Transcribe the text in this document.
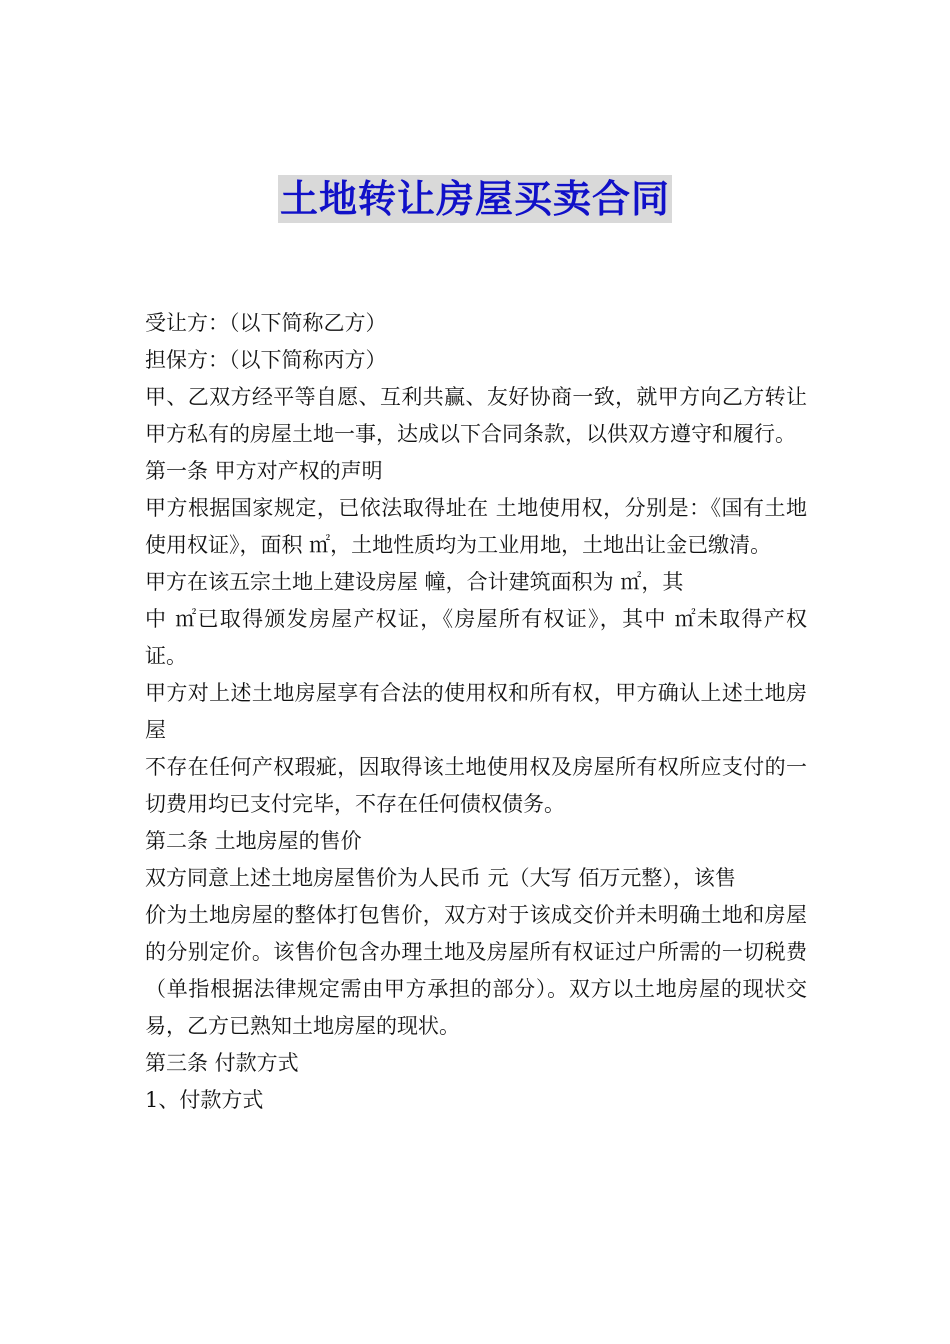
土地转让房屋买卖合同

受让方：（以下简称乙方）

担保方：（以下简称丙方）

甲、乙双方经平等自愿、互利共赢、友好协商一致，就甲方向乙方转让甲方私有的房屋土地一事，达成以下合同条款，以供双方遵守和履行。

第一条 甲方对产权的声明

甲方根据国家规定，已依法取得址在 土地使用权，分别是：《国有土地使用权证》，面积 ㎡，土地性质均为工业用地，土地出让金已缴清。

甲方在该五宗土地上建设房屋 幢，合计建筑面积为 ㎡，其

中 ㎡已取得颁发房屋产权证，《房屋所有权证》，其中 ㎡未取得产权证。

甲方对上述土地房屋享有合法的使用权和所有权，甲方确认上述土地房屋

不存在任何产权瑕疵，因取得该土地使用权及房屋所有权所应支付的一切费用均已支付完毕，不存在任何债权债务。

第二条 土地房屋的售价

双方同意上述土地房屋售价为人民币 元（大写 佰万元整），该售

价为土地房屋的整体打包售价，双方对于该成交价并未明确土地和房屋的分别定价。该售价包含办理土地及房屋所有权证过户所需的一切税费（单指根据法律规定需由甲方承担的部分）。双方以土地房屋的现状交易，乙方已熟知土地房屋的现状。

第三条 付款方式

1、付款方式
